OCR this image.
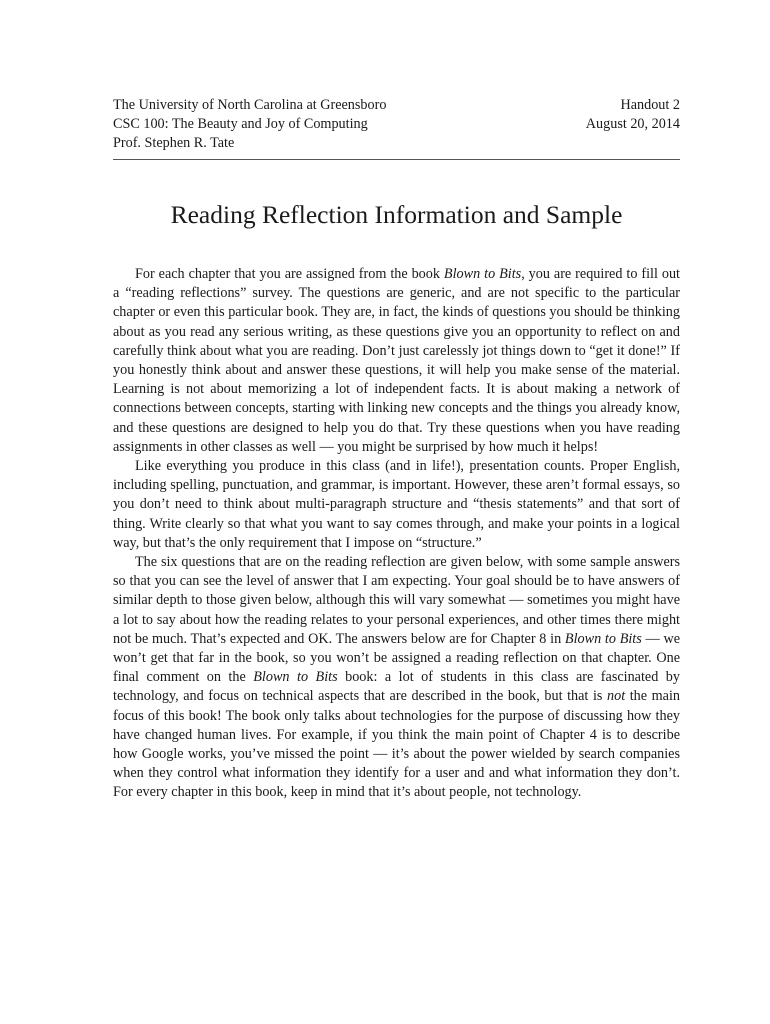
The University of North Carolina at Greensboro
CSC 100: The Beauty and Joy of Computing
Prof. Stephen R. Tate
Handout 2
August 20, 2014
Reading Reflection Information and Sample

For each chapter that you are assigned from the book Blown to Bits, you are required to fill out a “reading reflections” survey. The questions are generic, and are not specific to the particular chapter or even this particular book. They are, in fact, the kinds of questions you should be thinking about as you read any serious writing, as these questions give you an opportunity to reflect on and carefully think about what you are reading. Don’t just carelessly jot things down to “get it done!” If you honestly think about and answer these questions, it will help you make sense of the material. Learning is not about memorizing a lot of independent facts. It is about making a network of connections between concepts, starting with linking new concepts and the things you already know, and these questions are designed to help you do that. Try these questions when you have reading assignments in other classes as well — you might be surprised by how much it helps!

Like everything you produce in this class (and in life!), presentation counts. Proper English, including spelling, punctuation, and grammar, is important. However, these aren’t formal essays, so you don’t need to think about multi-paragraph structure and “thesis statements” and that sort of thing. Write clearly so that what you want to say comes through, and make your points in a logical way, but that’s the only requirement that I impose on “structure.”

The six questions that are on the reading reflection are given below, with some sample answers so that you can see the level of answer that I am expecting. Your goal should be to have answers of similar depth to those given below, although this will vary somewhat — sometimes you might have a lot to say about how the reading relates to your personal experiences, and other times there might not be much. That’s expected and OK. The answers below are for Chapter 8 in Blown to Bits — we won’t get that far in the book, so you won’t be assigned a reading reflection on that chapter. One final comment on the Blown to Bits book: a lot of students in this class are fascinated by technology, and focus on technical aspects that are described in the book, but that is not the main focus of this book! The book only talks about technologies for the purpose of discussing how they have changed human lives. For example, if you think the main point of Chapter 4 is to describe how Google works, you’ve missed the point — it’s about the power wielded by search companies when they control what information they identify for a user and and what information they don’t. For every chapter in this book, keep in mind that it’s about people, not technology.
